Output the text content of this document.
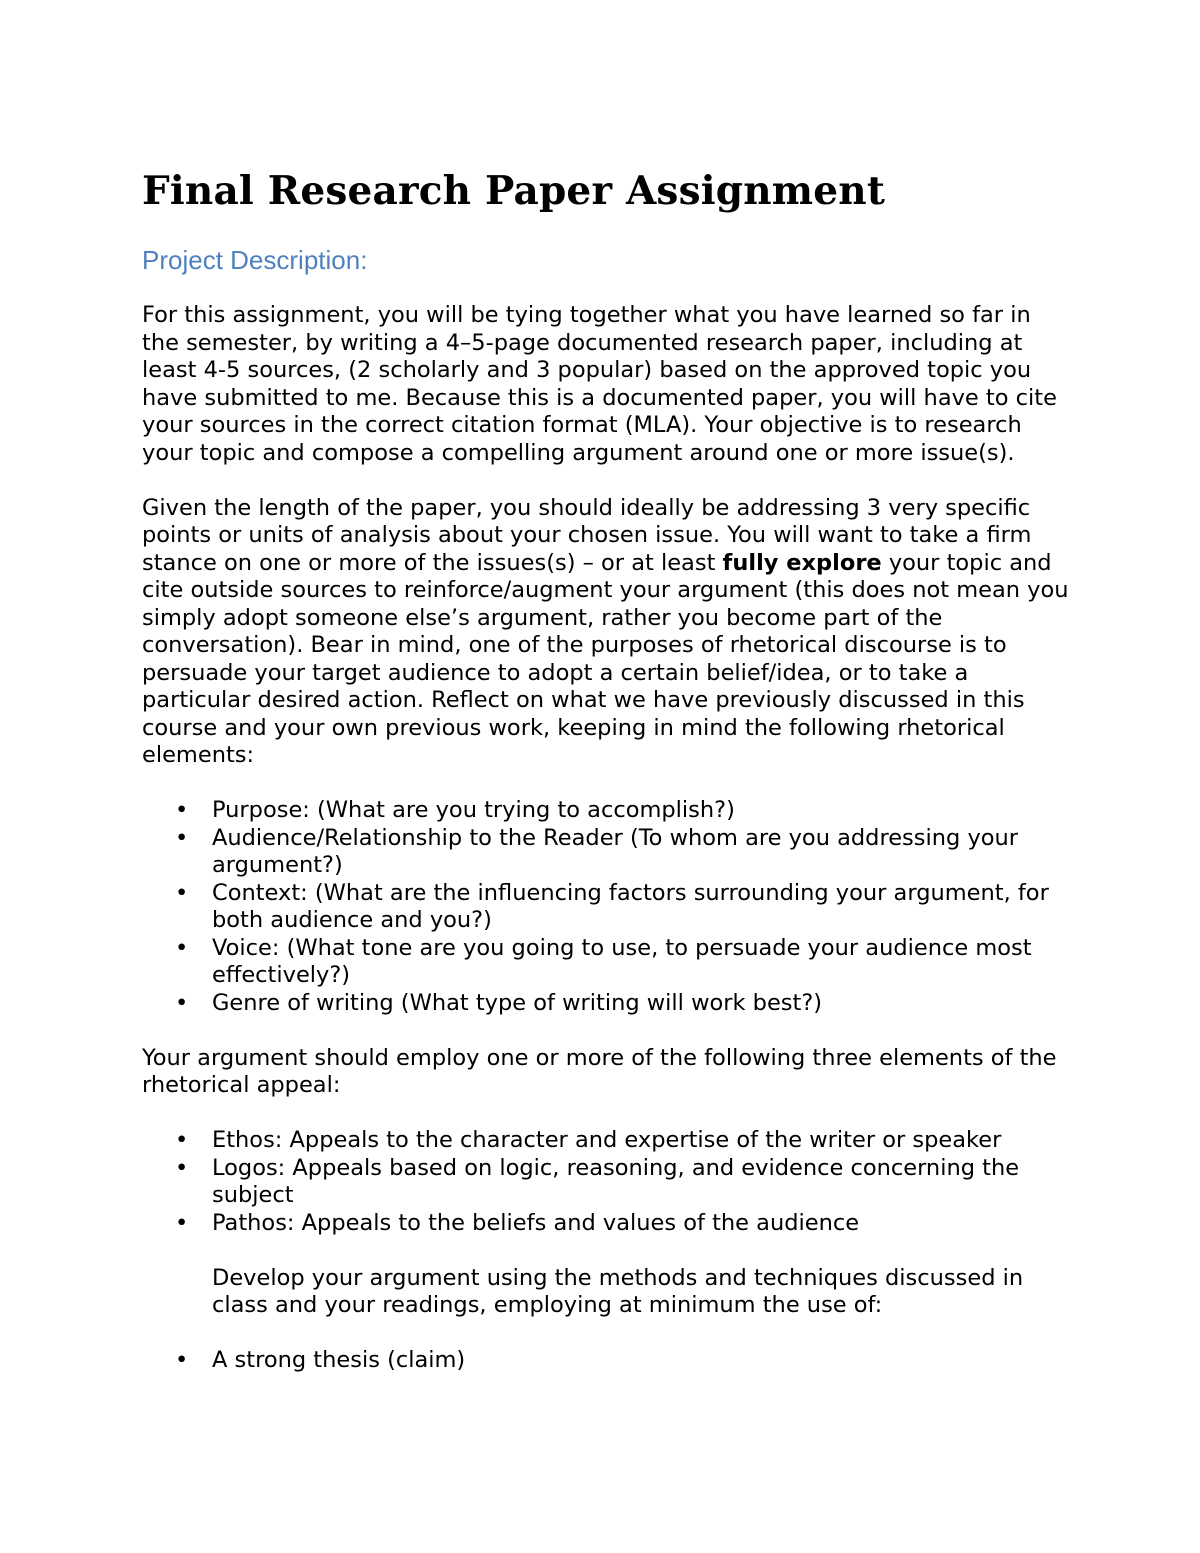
Final Research Paper Assignment
Project Description:

For this assignment, you will be tying together what you have learned so far in the semester, by writing a 4–5-page documented research paper, including at least 4-5 sources, (2 scholarly and 3 popular) based on the approved topic you have submitted to me. Because this is a documented paper, you will have to cite your sources in the correct citation format (MLA). Your objective is to research your topic and compose a compelling argument around one or more issue(s).

Given the length of the paper, you should ideally be addressing 3 very specific points or units of analysis about your chosen issue. You will want to take a firm stance on one or more of the issues(s) – or at least fully explore your topic and cite outside sources to reinforce/augment your argument (this does not mean you simply adopt someone else’s argument, rather you become part of the conversation). Bear in mind, one of the purposes of rhetorical discourse is to persuade your target audience to adopt a certain belief/idea, or to take a particular desired action. Reflect on what we have previously discussed in this course and your own previous work, keeping in mind the following rhetorical elements:

• Purpose: (What are you trying to accomplish?)
• Audience/Relationship to the Reader (To whom are you addressing your argument?)
• Context: (What are the influencing factors surrounding your argument, for both audience and you?)
• Voice: (What tone are you going to use, to persuade your audience most effectively?)
• Genre of writing (What type of writing will work best?)

Your argument should employ one or more of the following three elements of the rhetorical appeal:

• Ethos: Appeals to the character and expertise of the writer or speaker
• Logos: Appeals based on logic, reasoning, and evidence concerning the subject
• Pathos: Appeals to the beliefs and values of the audience
Develop your argument using the methods and techniques discussed in class and your readings, employing at minimum the use of:
• A strong thesis (claim)
